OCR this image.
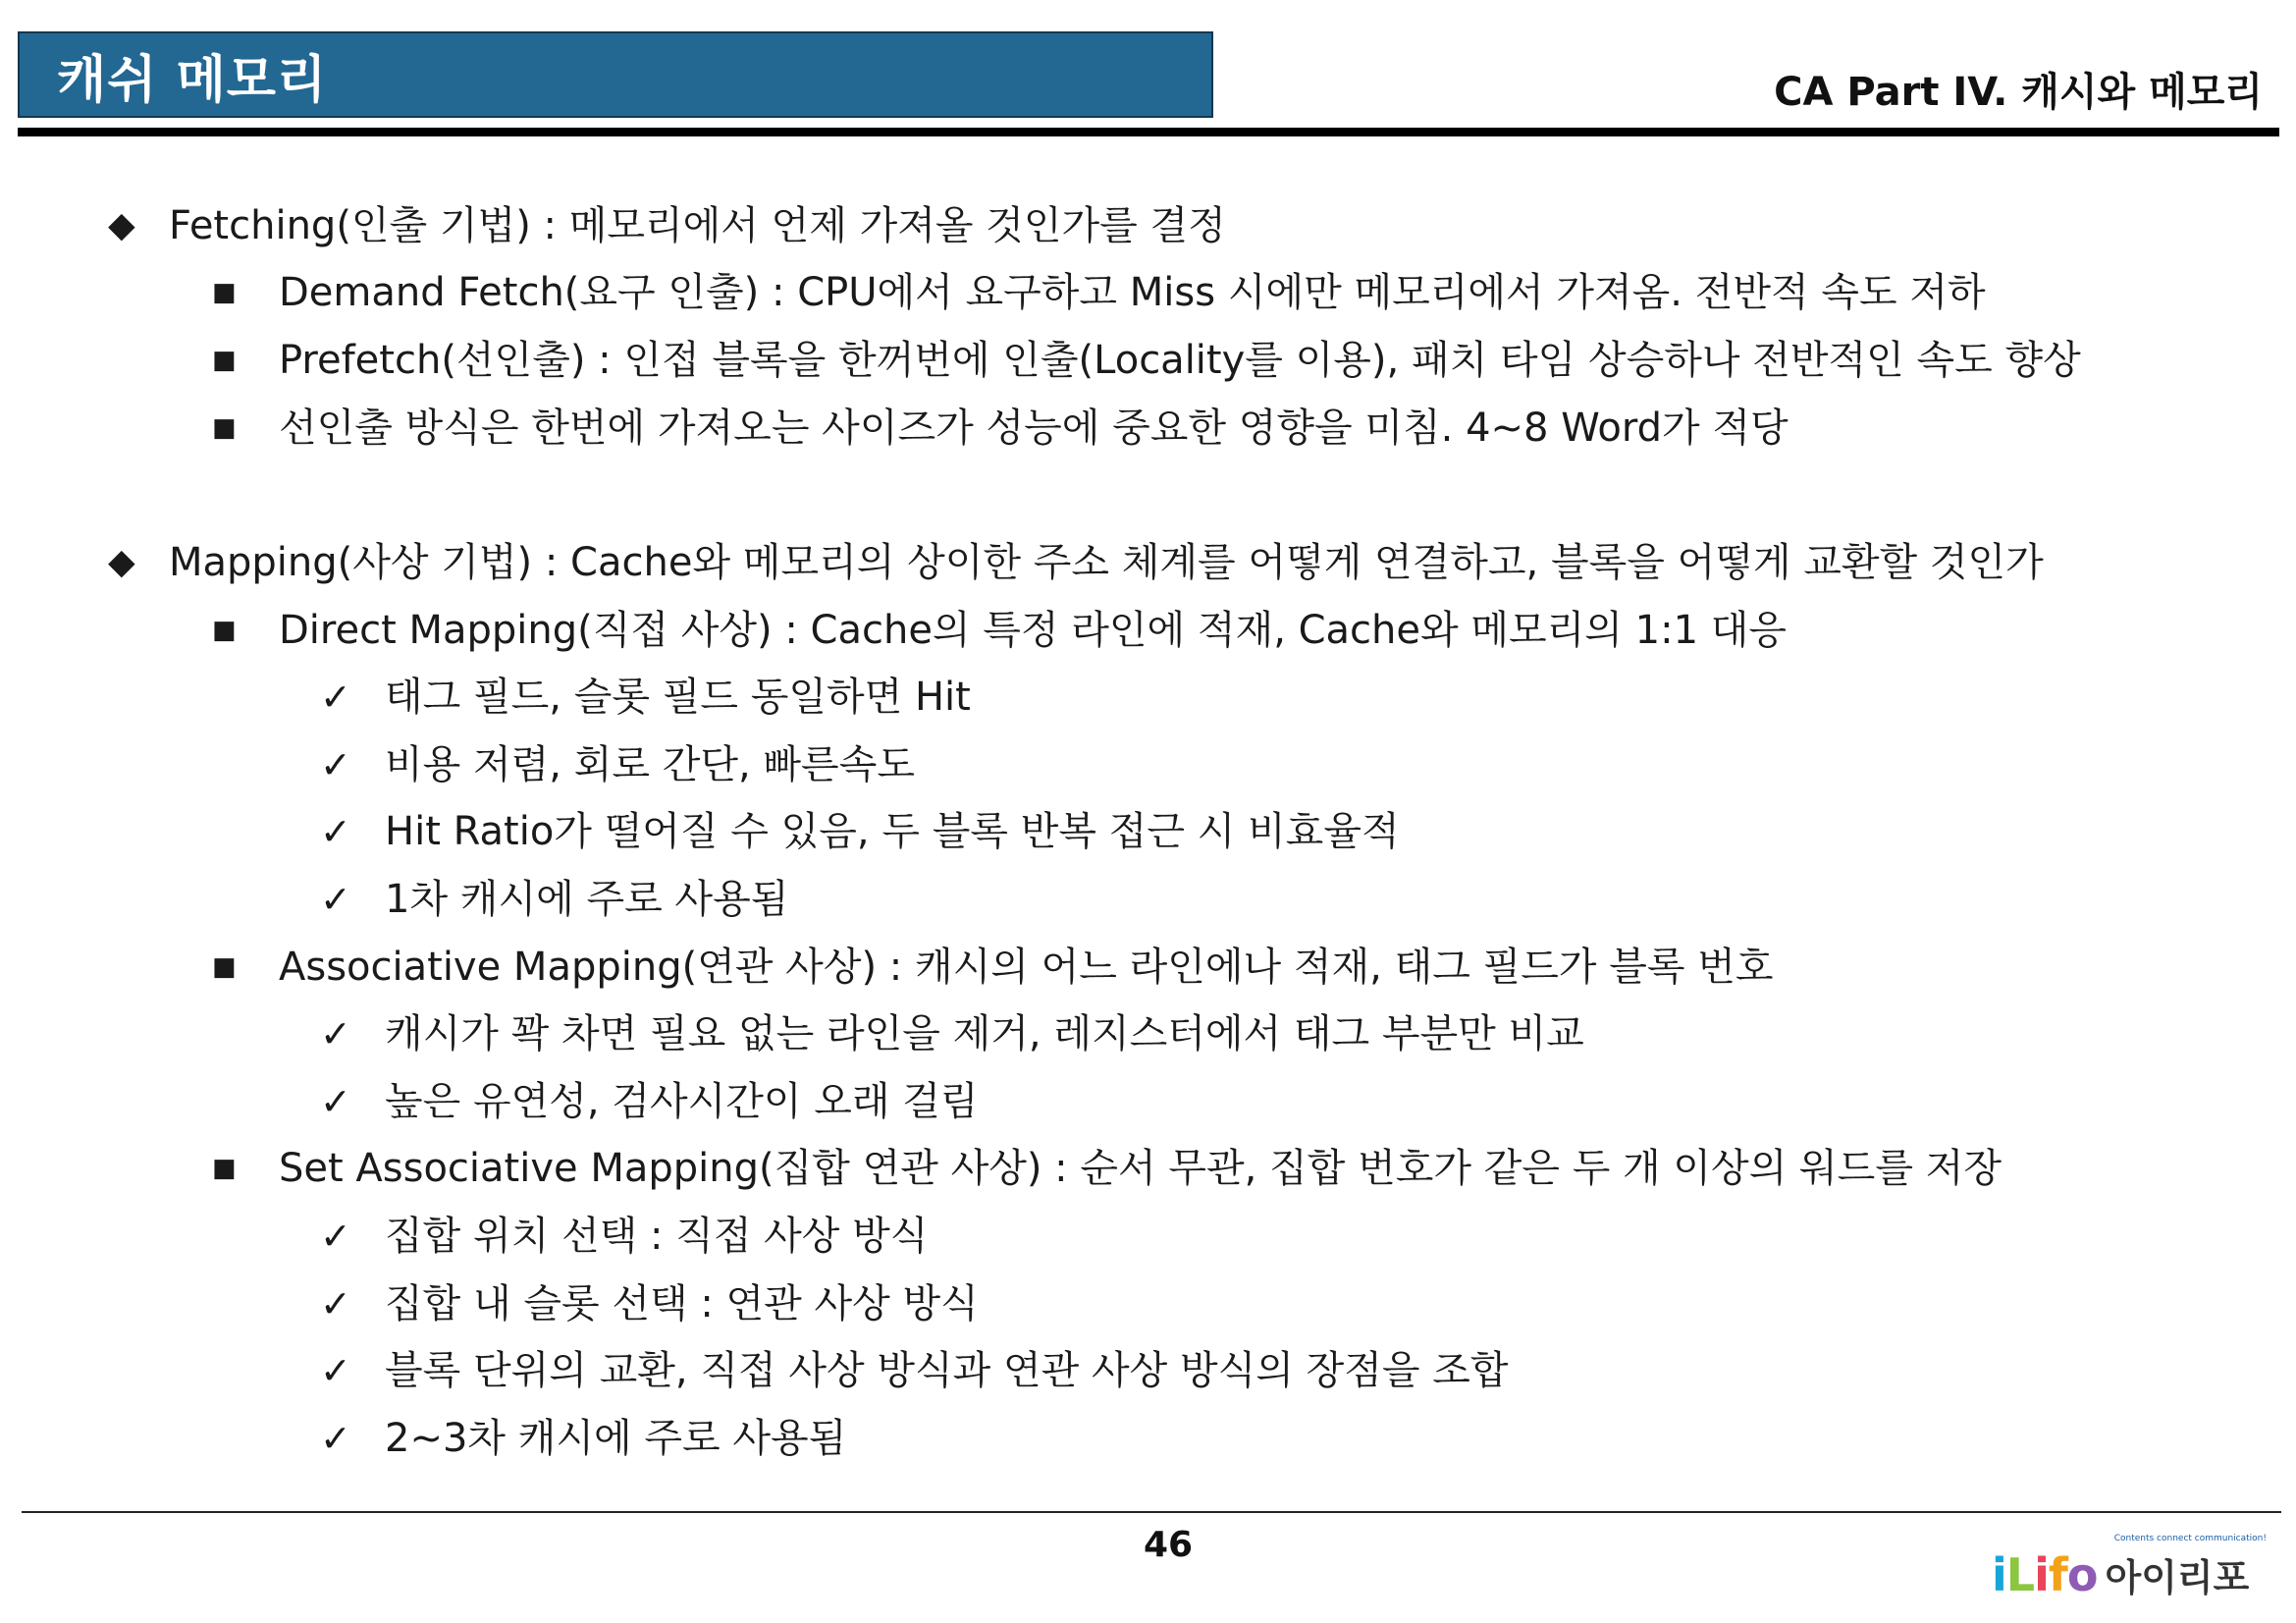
캐쉬 메모리	CA Part IV. 캐시와 메모리
◆ Fetching(인출 기법) : 메모리에서 언제 가져올 것인가를 결정
■ Demand Fetch(요구 인출) : CPU에서 요구하고 Miss 시에만 메모리에서 가져옴. 전반적 속도 저하
■ Prefetch(선인출) : 인접 블록을 한꺼번에 인출(Locality를 이용), 패치 타임 상승하나 전반적인 속도 향상
■ 선인출 방식은 한번에 가져오는 사이즈가 성능에 중요한 영향을 미침. 4~8 Word가 적당
◆ Mapping(사상 기법) : Cache와 메모리의 상이한 주소 체계를 어떻게 연결하고, 블록을 어떻게 교환할 것인가
■ Direct Mapping(직접 사상) : Cache의 특정 라인에 적재, Cache와 메모리의 1:1 대응
✓ 태그 필드, 슬롯 필드 동일하면 Hit
✓ 비용 저렴, 회로 간단, 빠른속도
✓ Hit Ratio가 떨어질 수 있음, 두 블록 반복 접근 시 비효율적
✓ 1차 캐시에 주로 사용됨
■ Associative Mapping(연관 사상) : 캐시의 어느 라인에나 적재, 태그 필드가 블록 번호
✓ 캐시가 꽉 차면 필요 없는 라인을 제거, 레지스터에서 태그 부분만 비교
✓ 높은 유연성, 검사시간이 오래 걸림
■ Set Associative Mapping(집합 연관 사상) : 순서 무관, 집합 번호가 같은 두 개 이상의 워드를 저장
✓ 집합 위치 선택 : 직접 사상 방식
✓ 집합 내 슬롯 선택 : 연관 사상 방식
✓ 블록 단위의 교환, 직접 사상 방식과 연관 사상 방식의 장점을 조합
✓ 2~3차 캐시에 주로 사용됨
46	Contents connect communication!
iLifo 아이리포
